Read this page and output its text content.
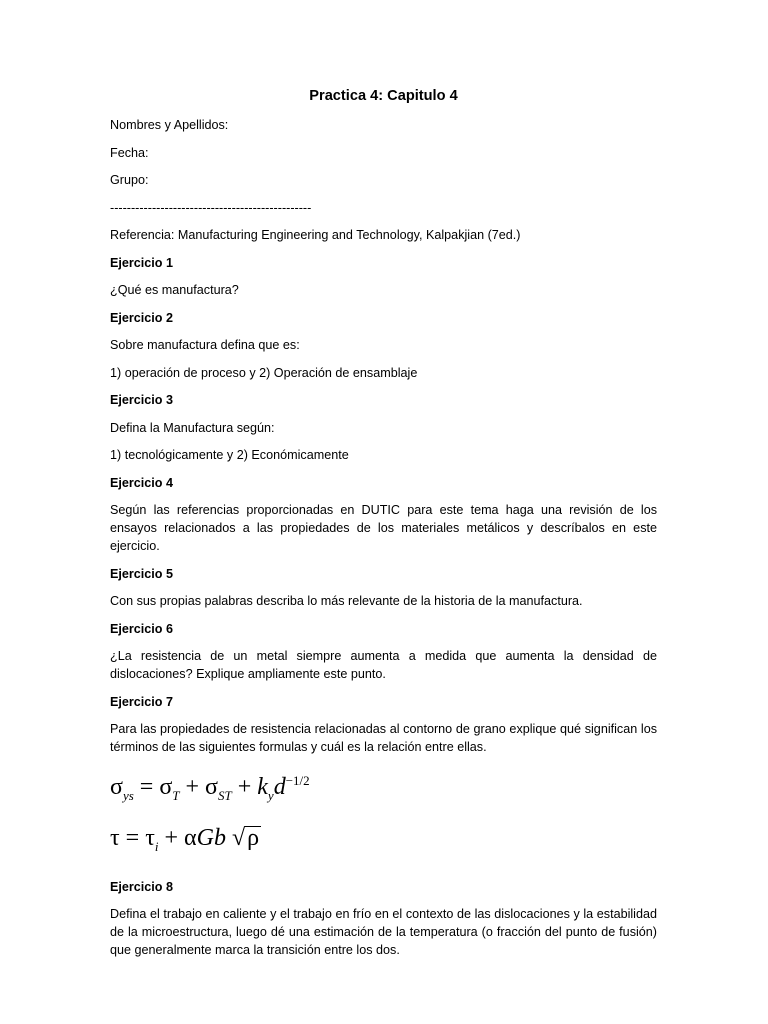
Practica 4: Capitulo 4

Nombres y Apellidos:

Fecha:

Grupo:

------------------------------------------------

Referencia: Manufacturing Engineering and Technology, Kalpakjian (7ed.)

Ejercicio 1

¿Qué es manufactura?

Ejercicio 2

Sobre manufactura defina que es:

1) operación de proceso y 2) Operación de ensamblaje

Ejercicio 3

Defina la Manufactura según:

1) tecnológicamente y 2) Económicamente

Ejercicio 4

Según las referencias proporcionadas en DUTIC para este tema haga una revisión de los ensayos relacionados a las propiedades de los materiales metálicos y descríbalos en este ejercicio.

Ejercicio 5

Con sus propias palabras describa lo más relevante de la historia de la manufactura.

Ejercicio 6

¿La resistencia de un metal siempre aumenta a medida que aumenta la densidad de dislocaciones? Explique ampliamente este punto.

Ejercicio 7

Para las propiedades de resistencia relacionadas al contorno de grano explique qué significan los términos de las siguientes formulas y cuál es la relación entre ellas.

$\sigma_{ys} = \sigma_T + \sigma_{ST} + k_yd^{-1/2}$
$\tau = \tau_i + \alpha Gb$ √ρ

Ejercicio 8

Defina el trabajo en caliente y el trabajo en frío en el contexto de las dislocaciones y la estabilidad de la microestructura, luego dé una estimación de la temperatura (o fracción del punto de fusión) que generalmente marca la transición entre los dos.
